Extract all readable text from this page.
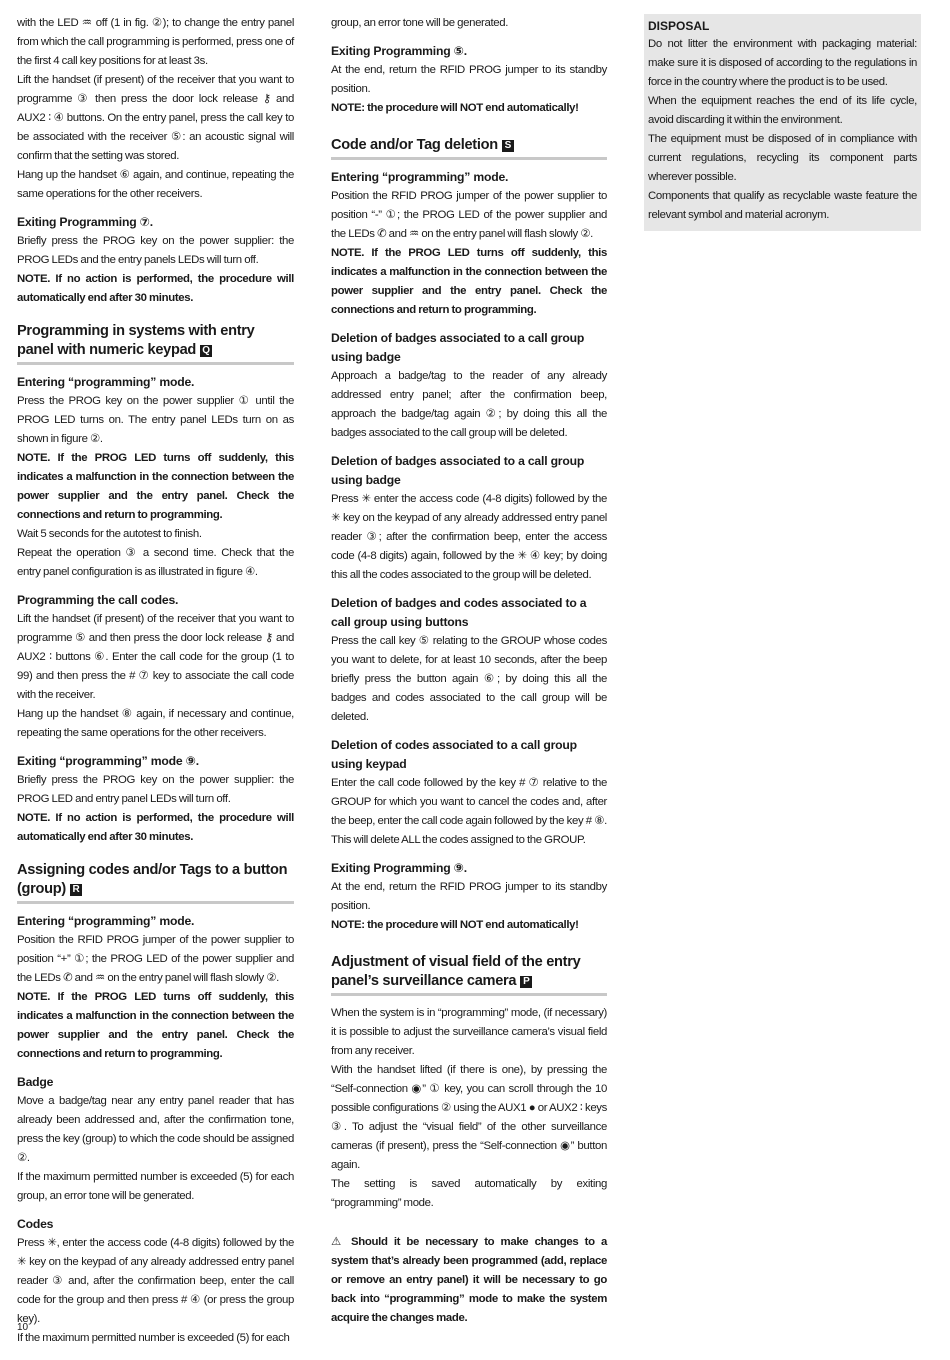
with the LED ♒ off (1 in fig. ②); to change the entry panel from which the call programming is performed, press one of the first 4 call key positions for at least 3s.

Lift the handset (if present) of the receiver that you want to programme ③ then press the door lock release ⚷ and AUX2 ∶ ④ buttons. On the entry panel, press the call key to be associated with the receiver ⑤: an acoustic signal will confirm that the setting was stored.

Hang up the handset ⑥ again, and continue, repeating the same operations for the other receivers.

Exiting Programming ⑦.

Briefly press the PROG key on the power supplier: the PROG LEDs and the entry panels LEDs will turn off.

NOTE. If no action is performed, the procedure will automatically end after 30 minutes.

Programming in systems with entry panel with numeric keypad Q

Entering “programming” mode.

Press the PROG key on the power supplier ① until the PROG LED turns on. The entry panel LEDs turn on as shown in figure ②.

NOTE. If the PROG LED turns off suddenly, this indicates a malfunction in the connection between the power supplier and the entry panel. Check the connections and return to programming.

Wait 5 seconds for the autotest to finish.

Repeat the operation ③ a second time. Check that the entry panel configuration is as illustrated in figure ④.

Programming the call codes.

Lift the handset (if present) of the receiver that you want to programme ⑤ and then press the door lock release ⚷ and AUX2 ∶ buttons ⑥. Enter the call code for the group (1 to 99) and then press the # ⑦ key to associate the call code with the receiver.

Hang up the handset ⑧ again, if necessary and continue, repeating the same operations for the other receivers.

Exiting “programming” mode ⑨.

Briefly press the PROG key on the power supplier: the PROG LED and entry panel LEDs will turn off.

NOTE. If no action is performed, the procedure will automatically end after 30 minutes.

Assigning codes and/or Tags to a button (group) R

Entering “programming” mode.

Position the RFID PROG jumper of the power supplier to position “+” ①; the PROG LED of the power supplier and the LEDs ✆ and ♒ on the entry panel will flash slowly ②.

NOTE. If the PROG LED turns off suddenly, this indicates a malfunction in the connection between the power supplier and the entry panel. Check the connections and return to programming.

Badge

Move a badge/tag near any entry panel reader that has already been addressed and, after the confirmation tone, press the key (group) to which the code should be assigned ②.

If the maximum permitted number is exceeded (5) for each group, an error tone will be generated.

Codes

Press ✳, enter the access code (4-8 digits) followed by the ✳ key on the keypad of any already addressed entry panel reader ③ and, after the confirmation beep, enter the call code for the group and then press # ④ (or press the group key).

If the maximum permitted number is exceeded (5) for each

group, an error tone will be generated.

Exiting Programming ⑤.

At the end, return the RFID PROG jumper to its standby position.

NOTE: the procedure will NOT end automatically!

Code and/or Tag deletion S

Entering “programming” mode.

Position the RFID PROG jumper of the power supplier to position “-” ①; the PROG LED of the power supplier and the LEDs ✆ and ♒ on the entry panel will flash slowly ②.

NOTE. If the PROG LED turns off suddenly, this indicates a malfunction in the connection between the power supplier and the entry panel. Check the connections and return to programming.

Deletion of badges associated to a call group using badge

Approach a badge/tag to the reader of any already addressed entry panel; after the confirmation beep, approach the badge/tag again ②; by doing this all the badges associated to the call group will be deleted.

Deletion of badges associated to a call group using badge

Press ✳ enter the access code (4-8 digits) followed by the ✳ key on the keypad of any already addressed entry panel reader ③; after the confirmation beep, enter the access code (4-8 digits) again, followed by the ✳ ④ key; by doing this all the codes associated to the group will be deleted.

Deletion of badges and codes associated to a call group using buttons

Press the call key ⑤ relating to the GROUP whose codes you want to delete, for at least 10 seconds, after the beep briefly press the button again ⑥; by doing this all the badges and codes associated to the call group will be deleted.

Deletion of codes associated to a call group using keypad

Enter the call code followed by the key # ⑦ relative to the GROUP for which you want to cancel the codes and, after the beep, enter the call code again followed by the key # ⑧. This will delete ALL the codes assigned to the GROUP.

Exiting Programming ⑨.

At the end, return the RFID PROG jumper to its standby position.

NOTE: the procedure will NOT end automatically!

Adjustment of visual field of the entry panel’s surveillance camera P

When the system is in “programming” mode, (if necessary) it is possible to adjust the surveillance camera’s visual field from any receiver.

With the handset lifted (if there is one), by pressing the “Self-connection ◉” ① key, you can scroll through the 10 possible configurations ② using the AUX1 ● or AUX2 ∶ keys ③. To adjust the “visual field” of the other surveillance cameras (if present), press the “Self-connection ◉” button again.

The setting is saved automatically by exiting “programming” mode.

⚠ Should it be necessary to make changes to a system that’s already been programmed (add, replace or remove an entry panel) it will be necessary to go back into “programming” mode to make the system acquire the changes made.

DISPOSAL

Do not litter the environment with packaging material: make sure it is disposed of according to the regulations in force in the country where the product is to be used.

When the equipment reaches the end of its life cycle, avoid discarding it within the environment.

The equipment must be disposed of in compliance with current regulations, recycling its component parts wherever possible.

Components that qualify as recyclable waste feature the relevant symbol and material acronym.

10
